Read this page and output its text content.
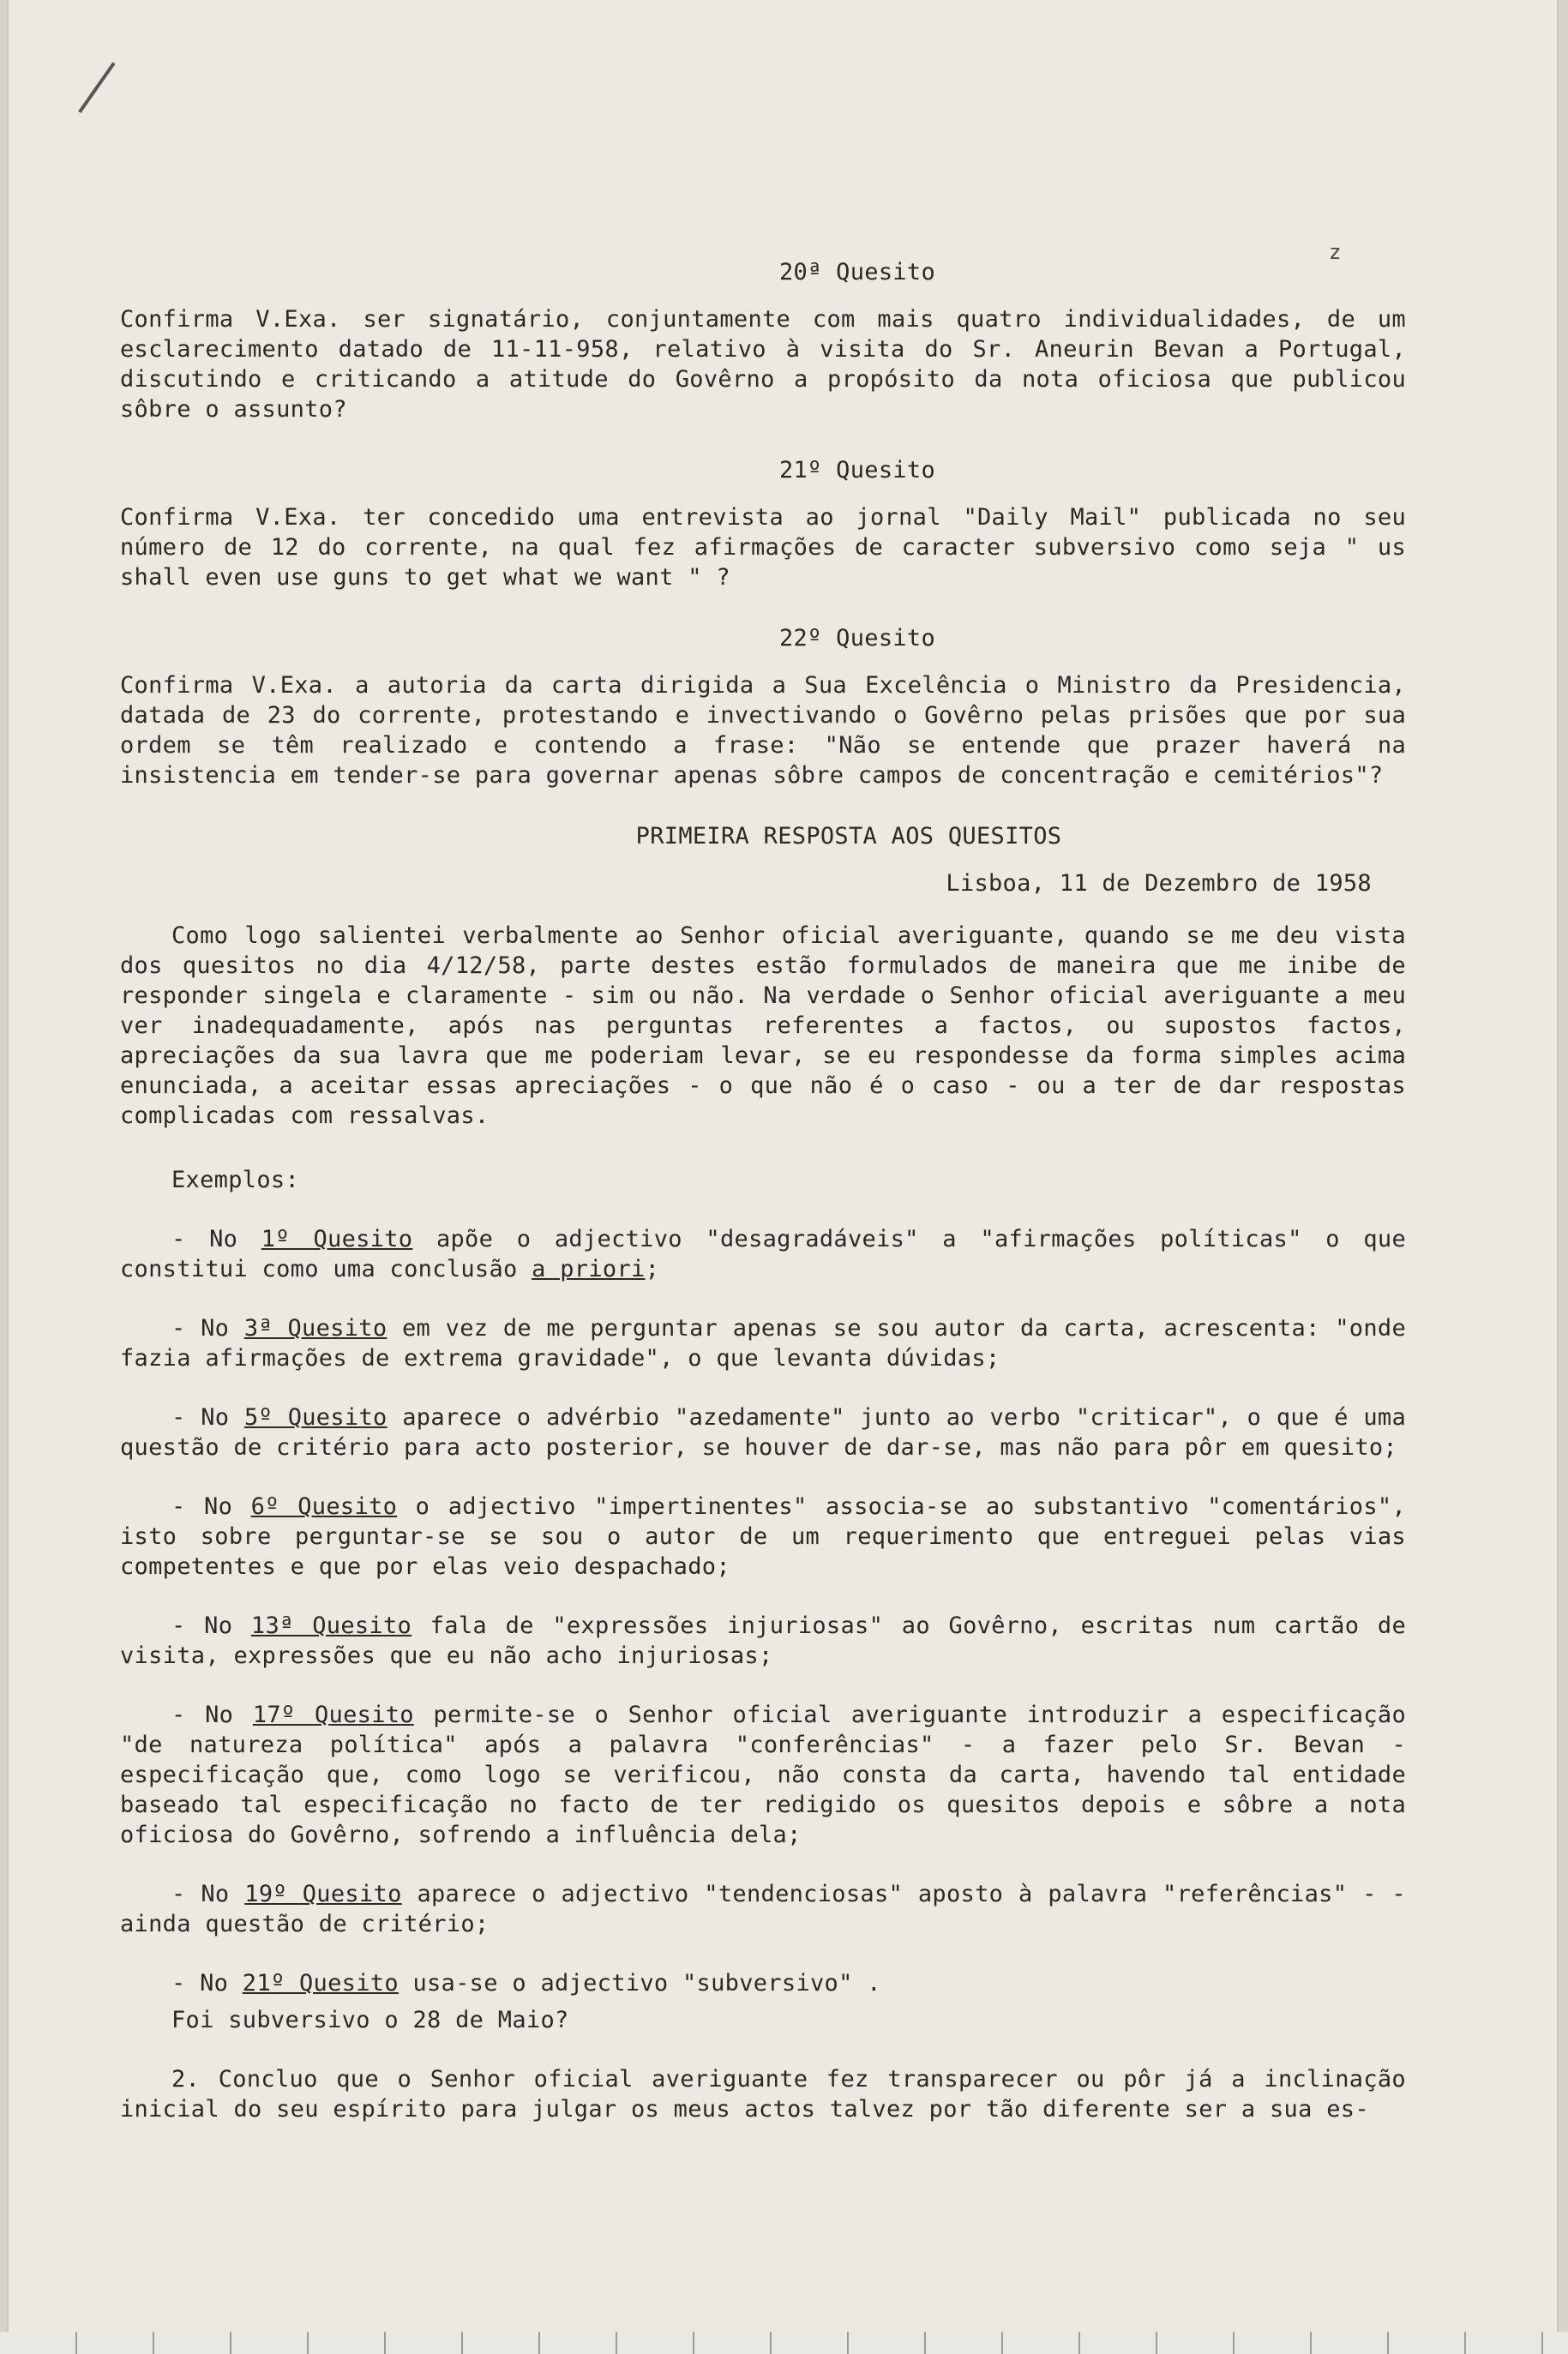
z
20ª Quesito

Confirma V.Exa. ser signatário, conjuntamente com mais quatro individualidades, de um esclarecimento datado de 11-11-958, relativo à visita do Sr. Aneurin Bevan a Portugal, discutindo e criticando a atitude do Govêrno a propósito da nota oficiosa que publicou sôbre o assunto?

21º Quesito

Confirma V.Exa. ter concedido uma entrevista ao jornal "Daily Mail" publicada no seu número de 12 do corrente, na qual fez afirmações de caracter subversivo como seja " us shall even use guns to get what we want " ?

22º Quesito

Confirma V.Exa. a autoria da carta dirigida a Sua Excelência o Ministro da Presidencia, datada de 23 do corrente, protestando e invectivando o Govêrno pelas prisões que por sua ordem se têm realizado e contendo a frase: "Não se entende que prazer haverá na insistencia em tender-se para governar apenas sôbre campos de concentração e cemitérios"?

PRIMEIRA RESPOSTA AOS QUESITOS
Lisboa, 11 de Dezembro de 1958

Como logo salientei verbalmente ao Senhor oficial averiguante, quando se me deu vista dos quesitos no dia 4/12/58, parte destes estão formulados de maneira que me inibe de responder singela e claramente - sim ou não. Na verdade o Senhor oficial averiguante a meu ver inadequadamente, após nas perguntas referentes a factos, ou supostos factos, apreciações da sua lavra que me poderiam levar, se eu respondesse da forma simples acima enunciada, a aceitar essas apreciações - o que não é o caso - ou a ter de dar respostas complicadas com ressalvas.

Exemplos:

- No 1º Quesito apõe o adjectivo "desagradáveis" a "afirmações políticas" o que constitui como uma conclusão a priori;

- No 3ª Quesito em vez de me perguntar apenas se sou autor da carta, acrescenta: "onde fazia afirmações de extrema gravidade", o que levanta dúvidas;

- No 5º Quesito aparece o advérbio "azedamente" junto ao verbo "criticar", o que é uma questão de critério para acto posterior, se houver de dar-se, mas não para pôr em quesito;

- No 6º Quesito o adjectivo "impertinentes" associa-se ao substantivo "comentários", isto sobre perguntar-se se sou o autor de um requerimento que entreguei pelas vias competentes e que por elas veio despachado;

- No 13ª Quesito fala de "expressões injuriosas" ao Govêrno, escritas num cartão de visita, expressões que eu não acho injuriosas;

- No 17º Quesito permite-se o Senhor oficial averiguante introduzir a especificação "de natureza política" após a palavra "conferências" - a fazer pelo Sr. Bevan - especificação que, como logo se verificou, não consta da carta, havendo tal entidade baseado tal especificação no facto de ter redigido os quesitos depois e sôbre a nota oficiosa do Govêrno, sofrendo a influência dela;

- No 19º Quesito aparece o adjectivo "tendenciosas" aposto à palavra "referências" - - ainda questão de critério;

- No 21º Quesito usa-se o adjectivo "subversivo" .

Foi subversivo o 28 de Maio?

2. Concluo que o Senhor oficial averiguante fez transparecer ou pôr já a inclinação inicial do seu espírito para julgar os meus actos talvez por tão diferente ser a sua es-
